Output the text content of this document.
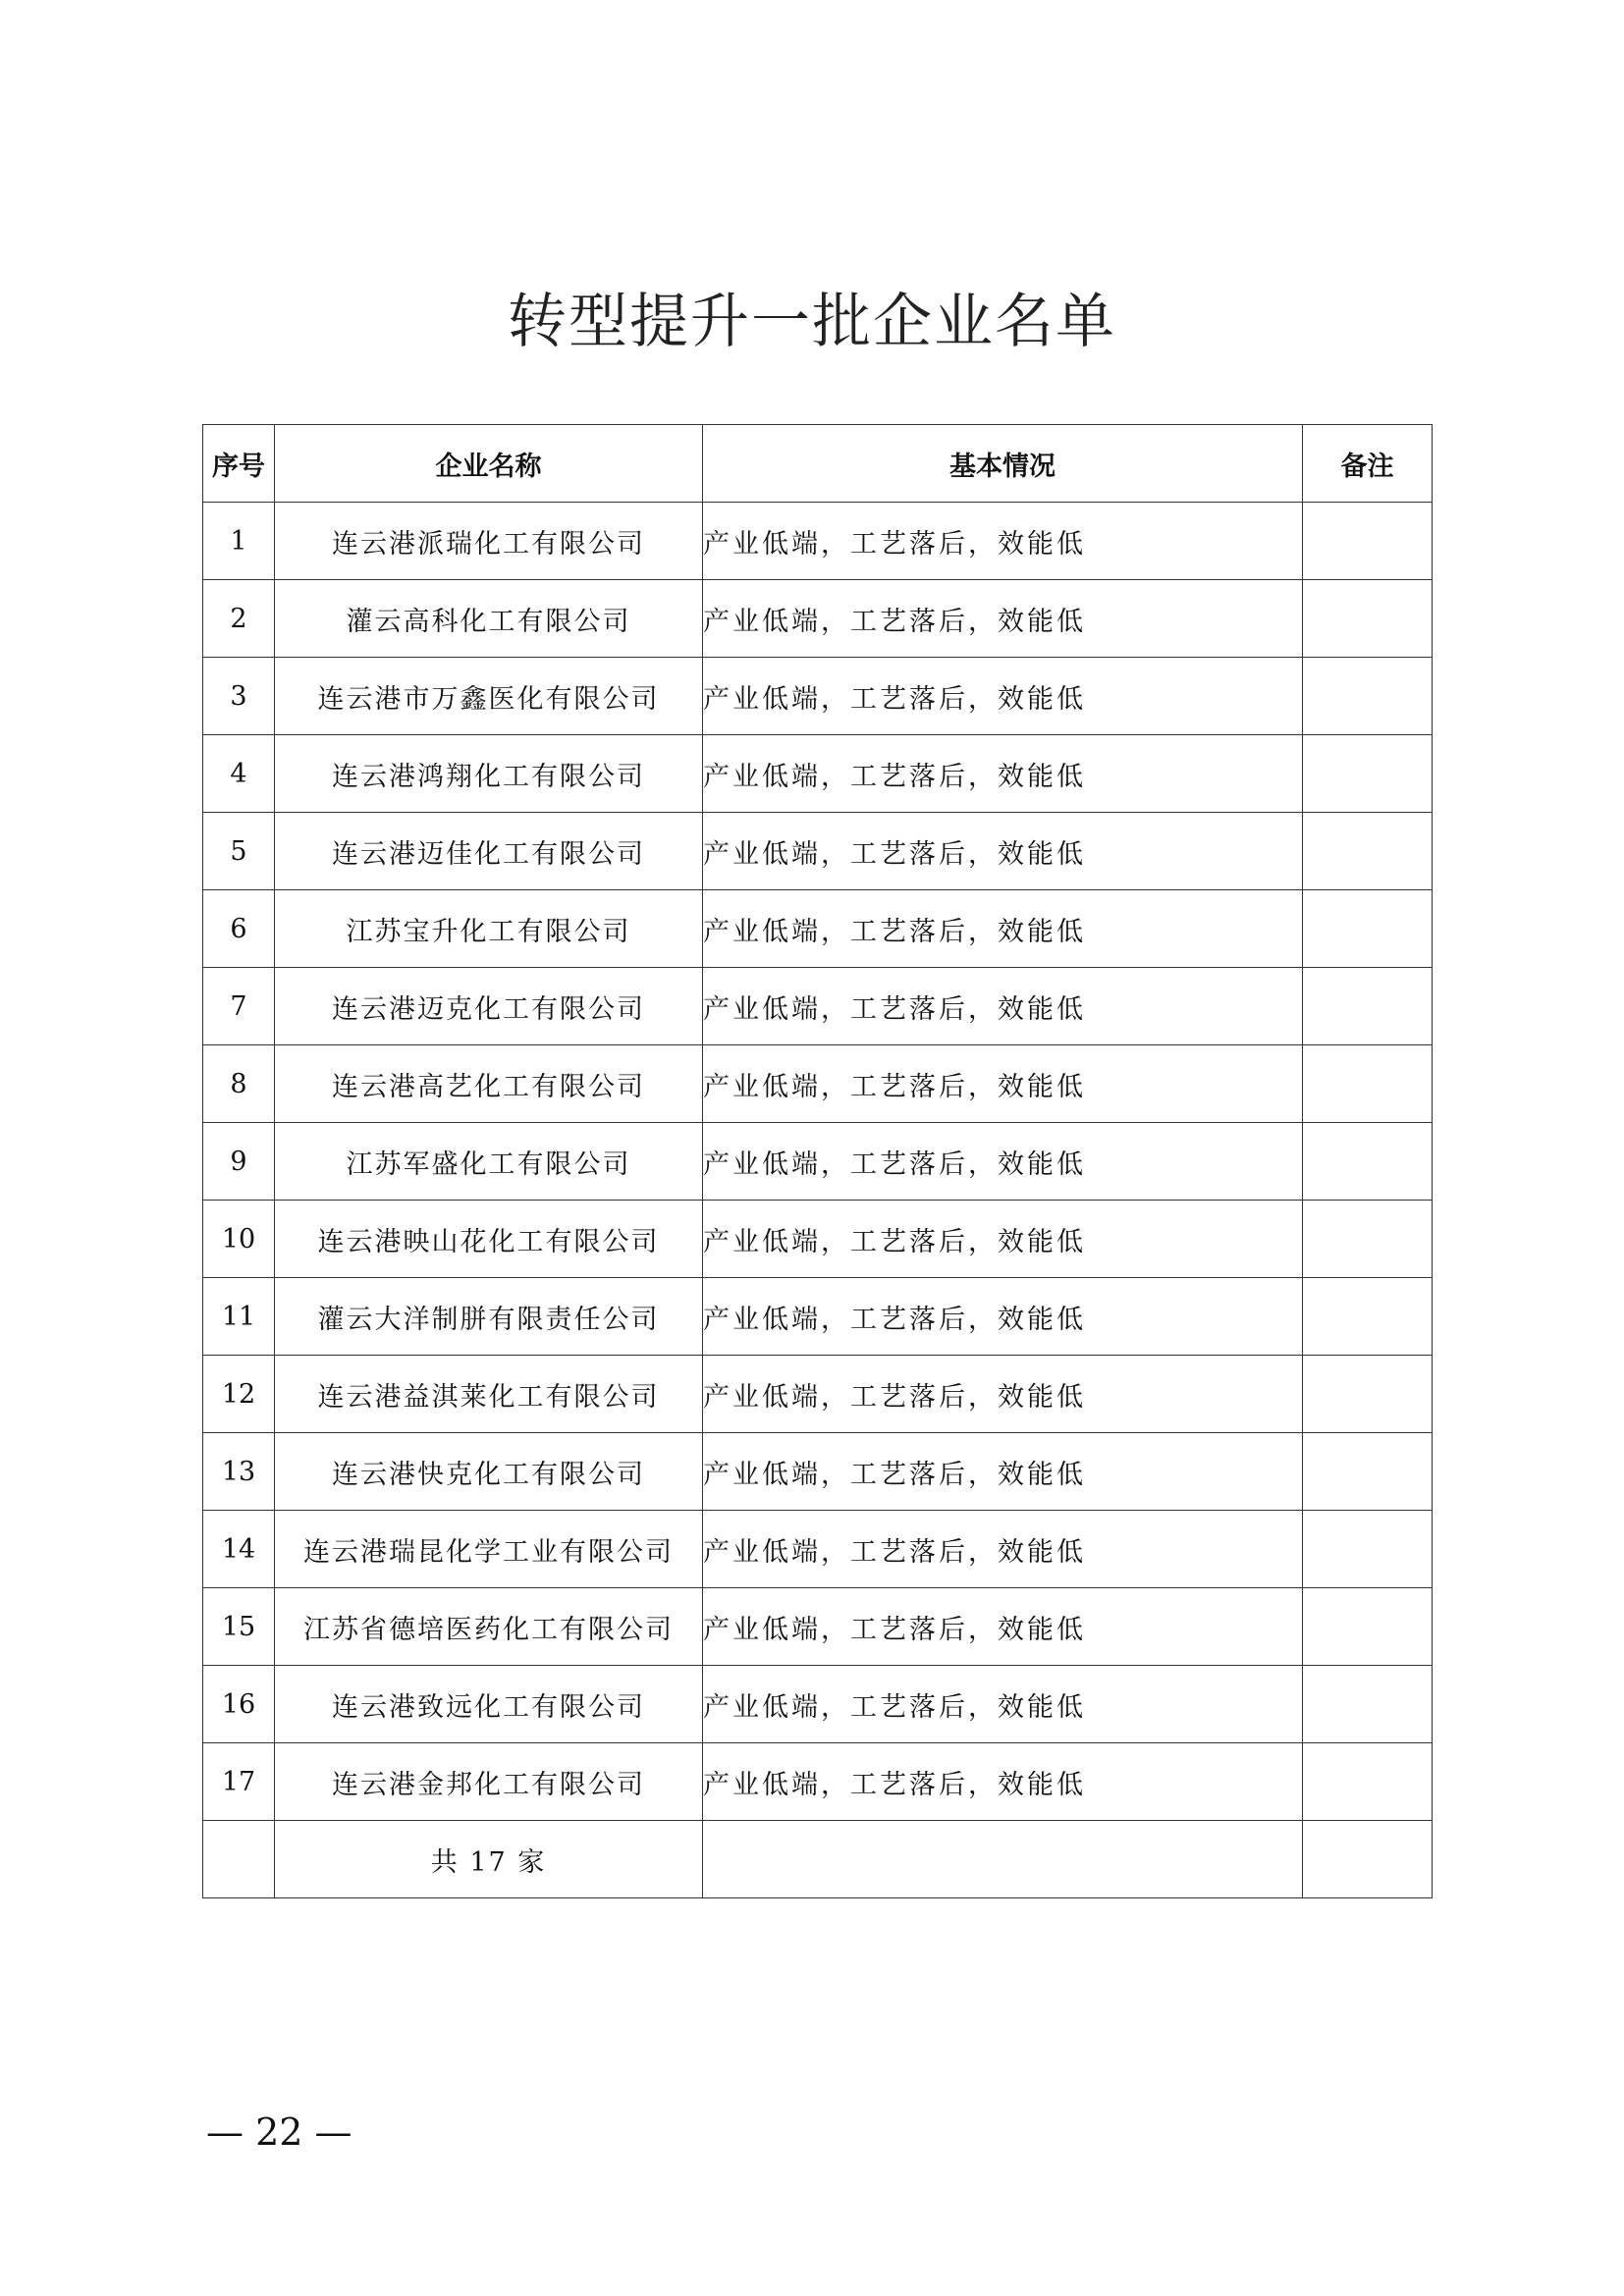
转型提升一批企业名单
序号	企业名称	基本情况	备注
1	连云港派瑞化工有限公司	产业低端，工艺落后，效能低	
2	灌云高科化工有限公司	产业低端，工艺落后，效能低	
3	连云港市万鑫医化有限公司	产业低端，工艺落后，效能低	
4	连云港鸿翔化工有限公司	产业低端，工艺落后，效能低	
5	连云港迈佳化工有限公司	产业低端，工艺落后，效能低	
6	江苏宝升化工有限公司	产业低端，工艺落后，效能低	
7	连云港迈克化工有限公司	产业低端，工艺落后，效能低	
8	连云港高艺化工有限公司	产业低端，工艺落后，效能低	
9	江苏军盛化工有限公司	产业低端，工艺落后，效能低	
10	连云港映山花化工有限公司	产业低端，工艺落后，效能低	
11	灌云大洋制胼有限责任公司	产业低端，工艺落后，效能低	
12	连云港益淇莱化工有限公司	产业低端，工艺落后，效能低	
13	连云港快克化工有限公司	产业低端，工艺落后，效能低	
14	连云港瑞昆化学工业有限公司	产业低端，工艺落后，效能低	
15	江苏省德培医药化工有限公司	产业低端，工艺落后，效能低	
16	连云港致远化工有限公司	产业低端，工艺落后，效能低	
17	连云港金邦化工有限公司	产业低端，工艺落后，效能低	
	共 17 家		
— 22 —
